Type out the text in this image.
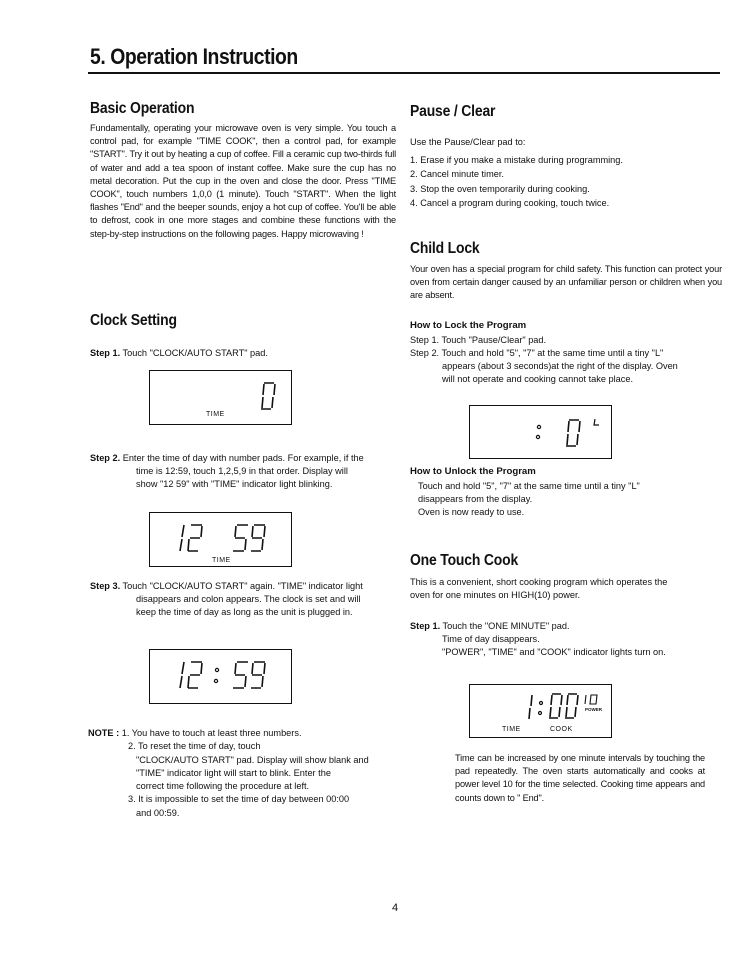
5. Operation Instruction
Basic Operation

Fundamentally, operating your microwave oven is very simple. You touch a control pad, for example "TIME COOK", then a control pad, for example "START". Try it out by heating a cup of coffee. Fill a ceramic cup two-thirds full of water and add a tea spoon of instant coffee. Make sure the cup has no metal decoration. Put the cup in the oven and close the door. Press "TIME COOK", touch numbers 1,0,0 (1 minute). Touch "START". When the light flashes "End" and the beeper sounds, enjoy a hot cup of coffee. You'll be able to defrost, cook in one more stages and combine these functions with the step-by-step instructions on the following pages. Happy microwaving !

Clock Setting
Step 1. Touch "CLOCK/AUTO START" pad.
TIME
Step 2. Enter the time of day with number pads. For example, if the
time is 12:59, touch 1,2,5,9 in that order. Display will
show "12 59" with "TIME" indicator light blinking.
TIME
Step 3. Touch "CLOCK/AUTO START" again. "TIME" indicator light
disappears and colon appears. The clock is set and will
keep the time of day as long as the unit is plugged in.
NOTE : 1. You have to touch at least three numbers.
2. To reset the time of day, touch
"CLOCK/AUTO START" pad. Display will show blank and
"TIME" indicator light will start to blink. Enter the
correct time following the procedure at left.
3. It is impossible to set the time of day between 00:00
and 00:59.
Pause / Clear
Use the Pause/Clear pad to:
1. Erase if you make a mistake during programming.
2. Cancel minute timer.
3. Stop the oven temporarily during cooking.
4. Cancel a program during cooking, touch twice.
Child Lock

Your oven has a special program for child safety. This function can protect your oven from certain danger caused by an unfamiliar person or children when you are absent.

How to Lock the Program
Step 1. Touch "Pause/Clear" pad.
Step 2. Touch and hold "5", "7" at the same time until a tiny "L"
appears (about 3 seconds)at the right of the display. Oven
will not operate and cooking cannot take place.
How to Unlock the Program
Touch and hold "5", "7" at the same time until a tiny "L"
disappears from the display.
Oven is now ready to use.
One Touch Cook
This is a convenient, short cooking program which operates the
oven for one minutes on HIGH(10) power.
Step 1. Touch the "ONE MINUTE" pad.
Time of day disappears.
"POWER", "TIME" and "COOK" indicator lights turn on.
POWER
TIME	COOK

Time can be increased by one minute intervals by touching the pad repeatedly. The oven starts automatically and cooks at power level 10 for the time selected. Cooking time appears and counts down to " End".

4
